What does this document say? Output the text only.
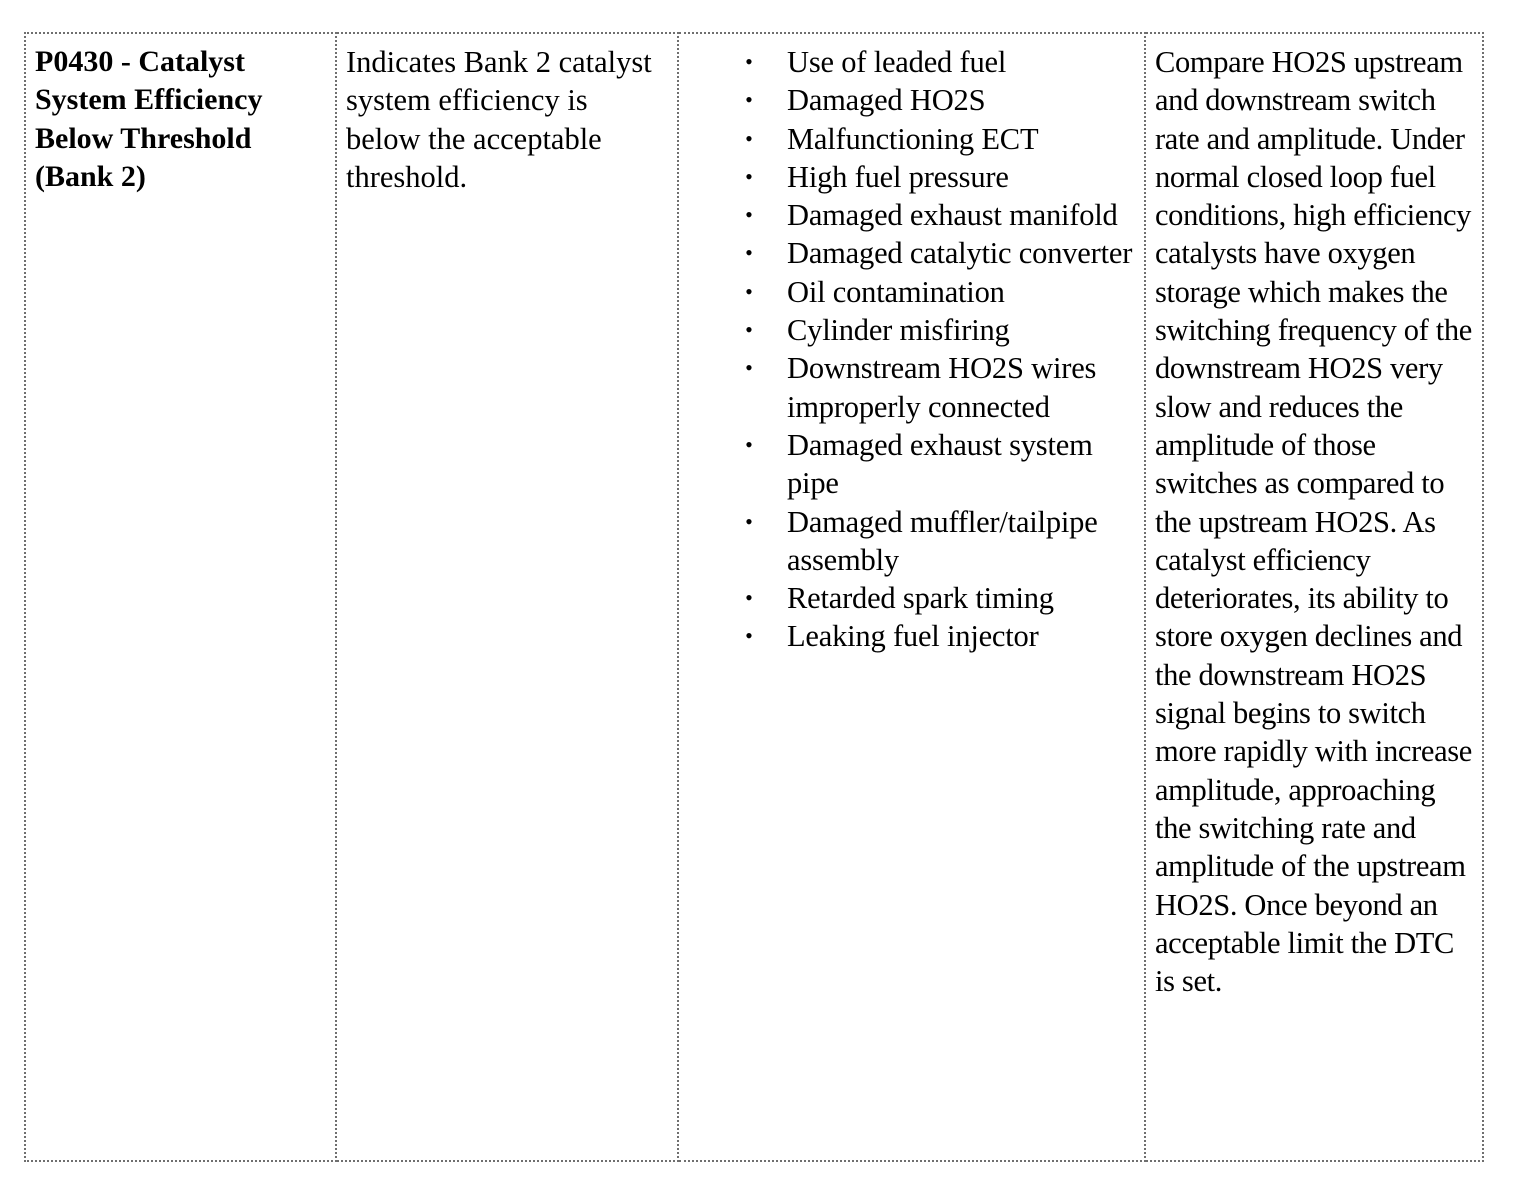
P0430 - Catalyst System Efficiency Below Threshold (Bank 2)

Indicates Bank 2 catalyst system efficiency is below the acceptable threshold.

• Use of leaded fuel
• Damaged HO2S
• Malfunctioning ECT
• High fuel pressure
• Damaged exhaust manifold
• Damaged catalytic converter
• Oil contamination
• Cylinder misfiring
• Downstream HO2S wires improperly connected
• Damaged exhaust system pipe
• Damaged muffler/tailpipe assembly
• Retarded spark timing
• Leaking fuel injector

Compare HO2S upstream and downstream switch rate and amplitude. Under normal closed loop fuel conditions, high efficiency catalysts have oxygen storage which makes the switching frequency of the downstream HO2S very slow and reduces the amplitude of those switches as compared to the upstream HO2S. As catalyst efficiency deteriorates, its ability to store oxygen declines and the downstream HO2S signal begins to switch more rapidly with increase amplitude, approaching the switching rate and amplitude of the upstream HO2S. Once beyond an acceptable limit the DTC is set.
